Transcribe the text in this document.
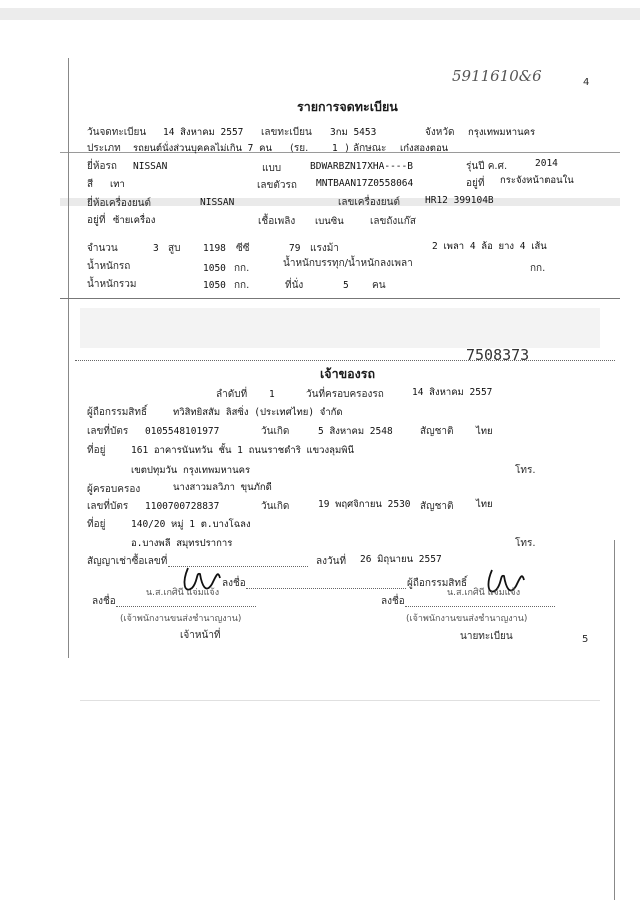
5911610&6	4
รายการจดทะเบียน
วันจดทะเบียน 14 สิงหาคม 2557 เลขทะเบียน 3กม 5453	จังหวัด กรุงเทพมหานคร
ประเภท รถยนต์นั่งส่วนบุคคลไม่เกิน 7 คน (รย. 1 ) ลักษณะ เก๋งสองตอน
ยี่ห้อรถ NISSAN	แบบ	BDWARBZN17XHA----B	รุ่นปี ค.ศ.	2014
สี เทา	เลขตัวรถ MNTBAAN17Z0558064	อยู่ที่ กระจังหน้าตอนใน
ยี่ห้อเครื่องยนต์	NISSAN	เลขเครื่องยนต์	HR12 399104B
อยู่ที่ ซ้ายเครื่อง	เชื้อเพลิง เบนซิน	เลขถังแก๊ส
จำนวน	3 สูบ 1198 ซีซี	79 แรงม้า	2 เพลา 4 ล้อ ยาง 4 เส้น
น้ำหนักรถ	1050 กก.	น้ำหนักบรรทุก/น้ำหนักลงเพลา	กก.
น้ำหนักรวม	1050 กก.	ที่นั่ง	5 คน
7508373
เจ้าของรถ
ลำดับที่ 1	วันที่ครอบครองรถ	14 สิงหาคม 2557
ผู้ถือกรรมสิทธิ์	ทวิสิทยิสสัม ลิสซิ่ง (ประเทศไทย) จำกัด
เลขที่บัตร 0105548101977	วันเกิด	5 สิงหาคม 2548	สัญชาติ ไทย
ที่อยู่	161 อาคารนันทวัน ชั้น 1 ถนนราชดำริ แขวงลุมพินี
เขตปทุมวัน กรุงเทพมหานคร	โทร.
ผู้ครอบครอง	นางสาวมลวิภา ขุนภักดี
เลขที่บัตร 1100700728837	วันเกิด	19 พฤศจิกายน 2530 สัญชาติ ไทย
ที่อยู่	140/20 หมู่ 1 ต.บางโฉลง
อ.บางพลี สมุทรปราการ	โทร.
สัญญาเช่าซื้อเลขที่	ลงวันที่ 26 มิถุนายน 2557
ลงชื่อ	ผู้ถือกรรมสิทธิ์
ลงชื่อ	ลงชื่อ
น.ส.เกศินี แจ่มแจ้ง	น.ส.เกศินี แจ่มแจ้ง
(เจ้าพนักงานขนส่งชำนาญงาน)	(เจ้าพนักงานขนส่งชำนาญงาน)
เจ้าหน้าที่	นายทะเบียน	5
